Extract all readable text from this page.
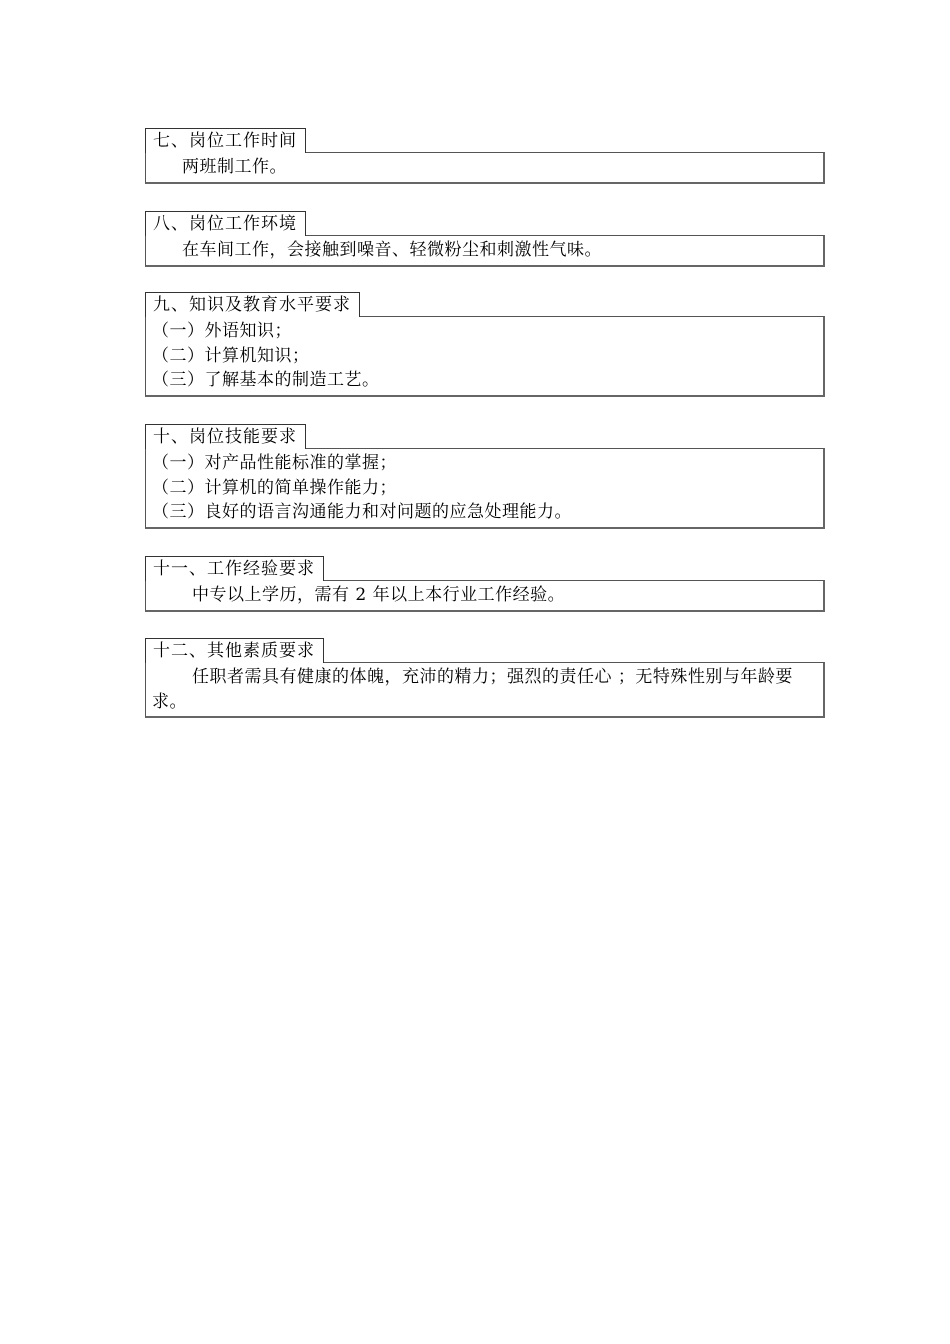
七、岗位工作时间
两班制工作。
八、岗位工作环境
在车间工作，会接触到噪音、轻微粉尘和刺激性气味。
九、知识及教育水平要求
（一）外语知识；
（二）计算机知识；
（三）了解基本的制造工艺。
十、岗位技能要求
（一）对产品性能标准的掌握；
（二）计算机的简单操作能力；
（三）良好的语言沟通能力和对问题的应急处理能力。
十一、工作经验要求
中专以上学历，需有 2 年以上本行业工作经验。
十二、其他素质要求
任职者需具有健康的体魄，充沛的精力；强烈的责任心 ；无特殊性别与年龄要求。
